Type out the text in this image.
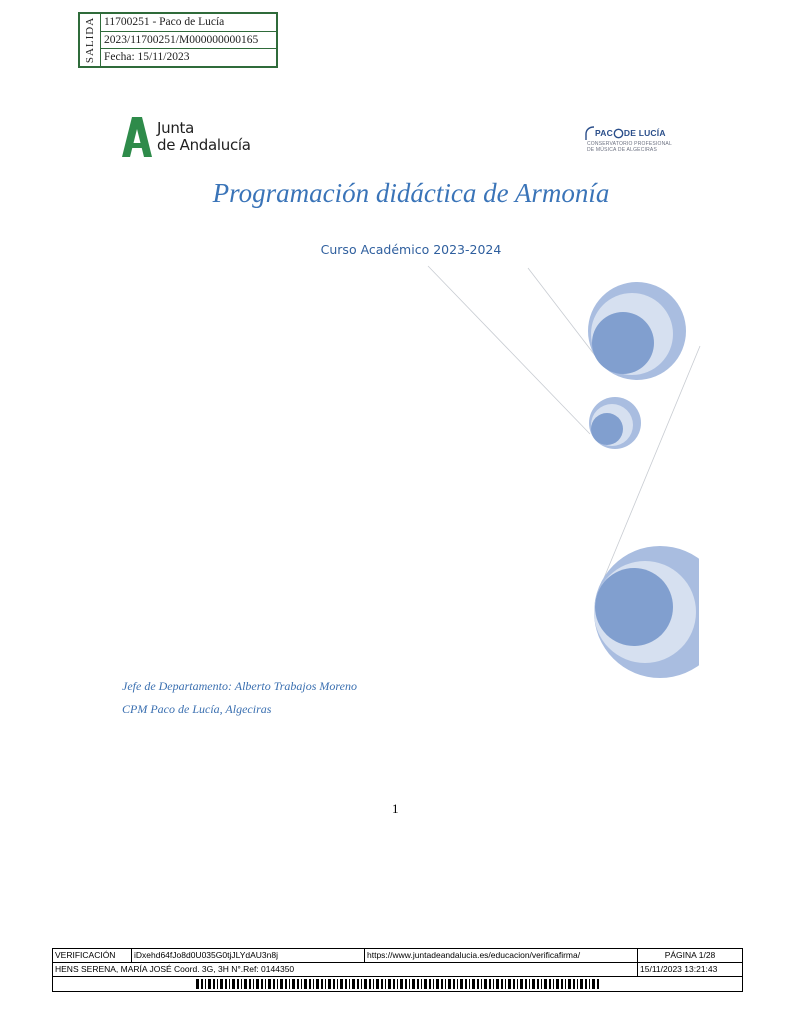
SALIDA 11700251 - Paco de Lucía
2023/11700251/M000000000165
Fecha: 15/11/2023
Junta
de Andalucía
PAC DE LUCÍA
CONSERVATORIO PROFESIONAL
DE MÚSICA DE ALGECIRAS
Programación didáctica de Armonía
Curso Académico 2023-2024
Jefe de Departamento: Alberto Trabajos Moreno
CPM Paco de Lucía, Algeciras
1
VERIFICACIÓN	iDxehd64fJo8d0U035G0tjJLYdAU3n8j	https://www.juntadeandalucia.es/educacion/verificafirma/	PÁGINA 1/28
HENS SERENA, MARÍA JOSÉ Coord. 3G, 3H N°.Ref: 0144350	15/11/2023 13:21:43
